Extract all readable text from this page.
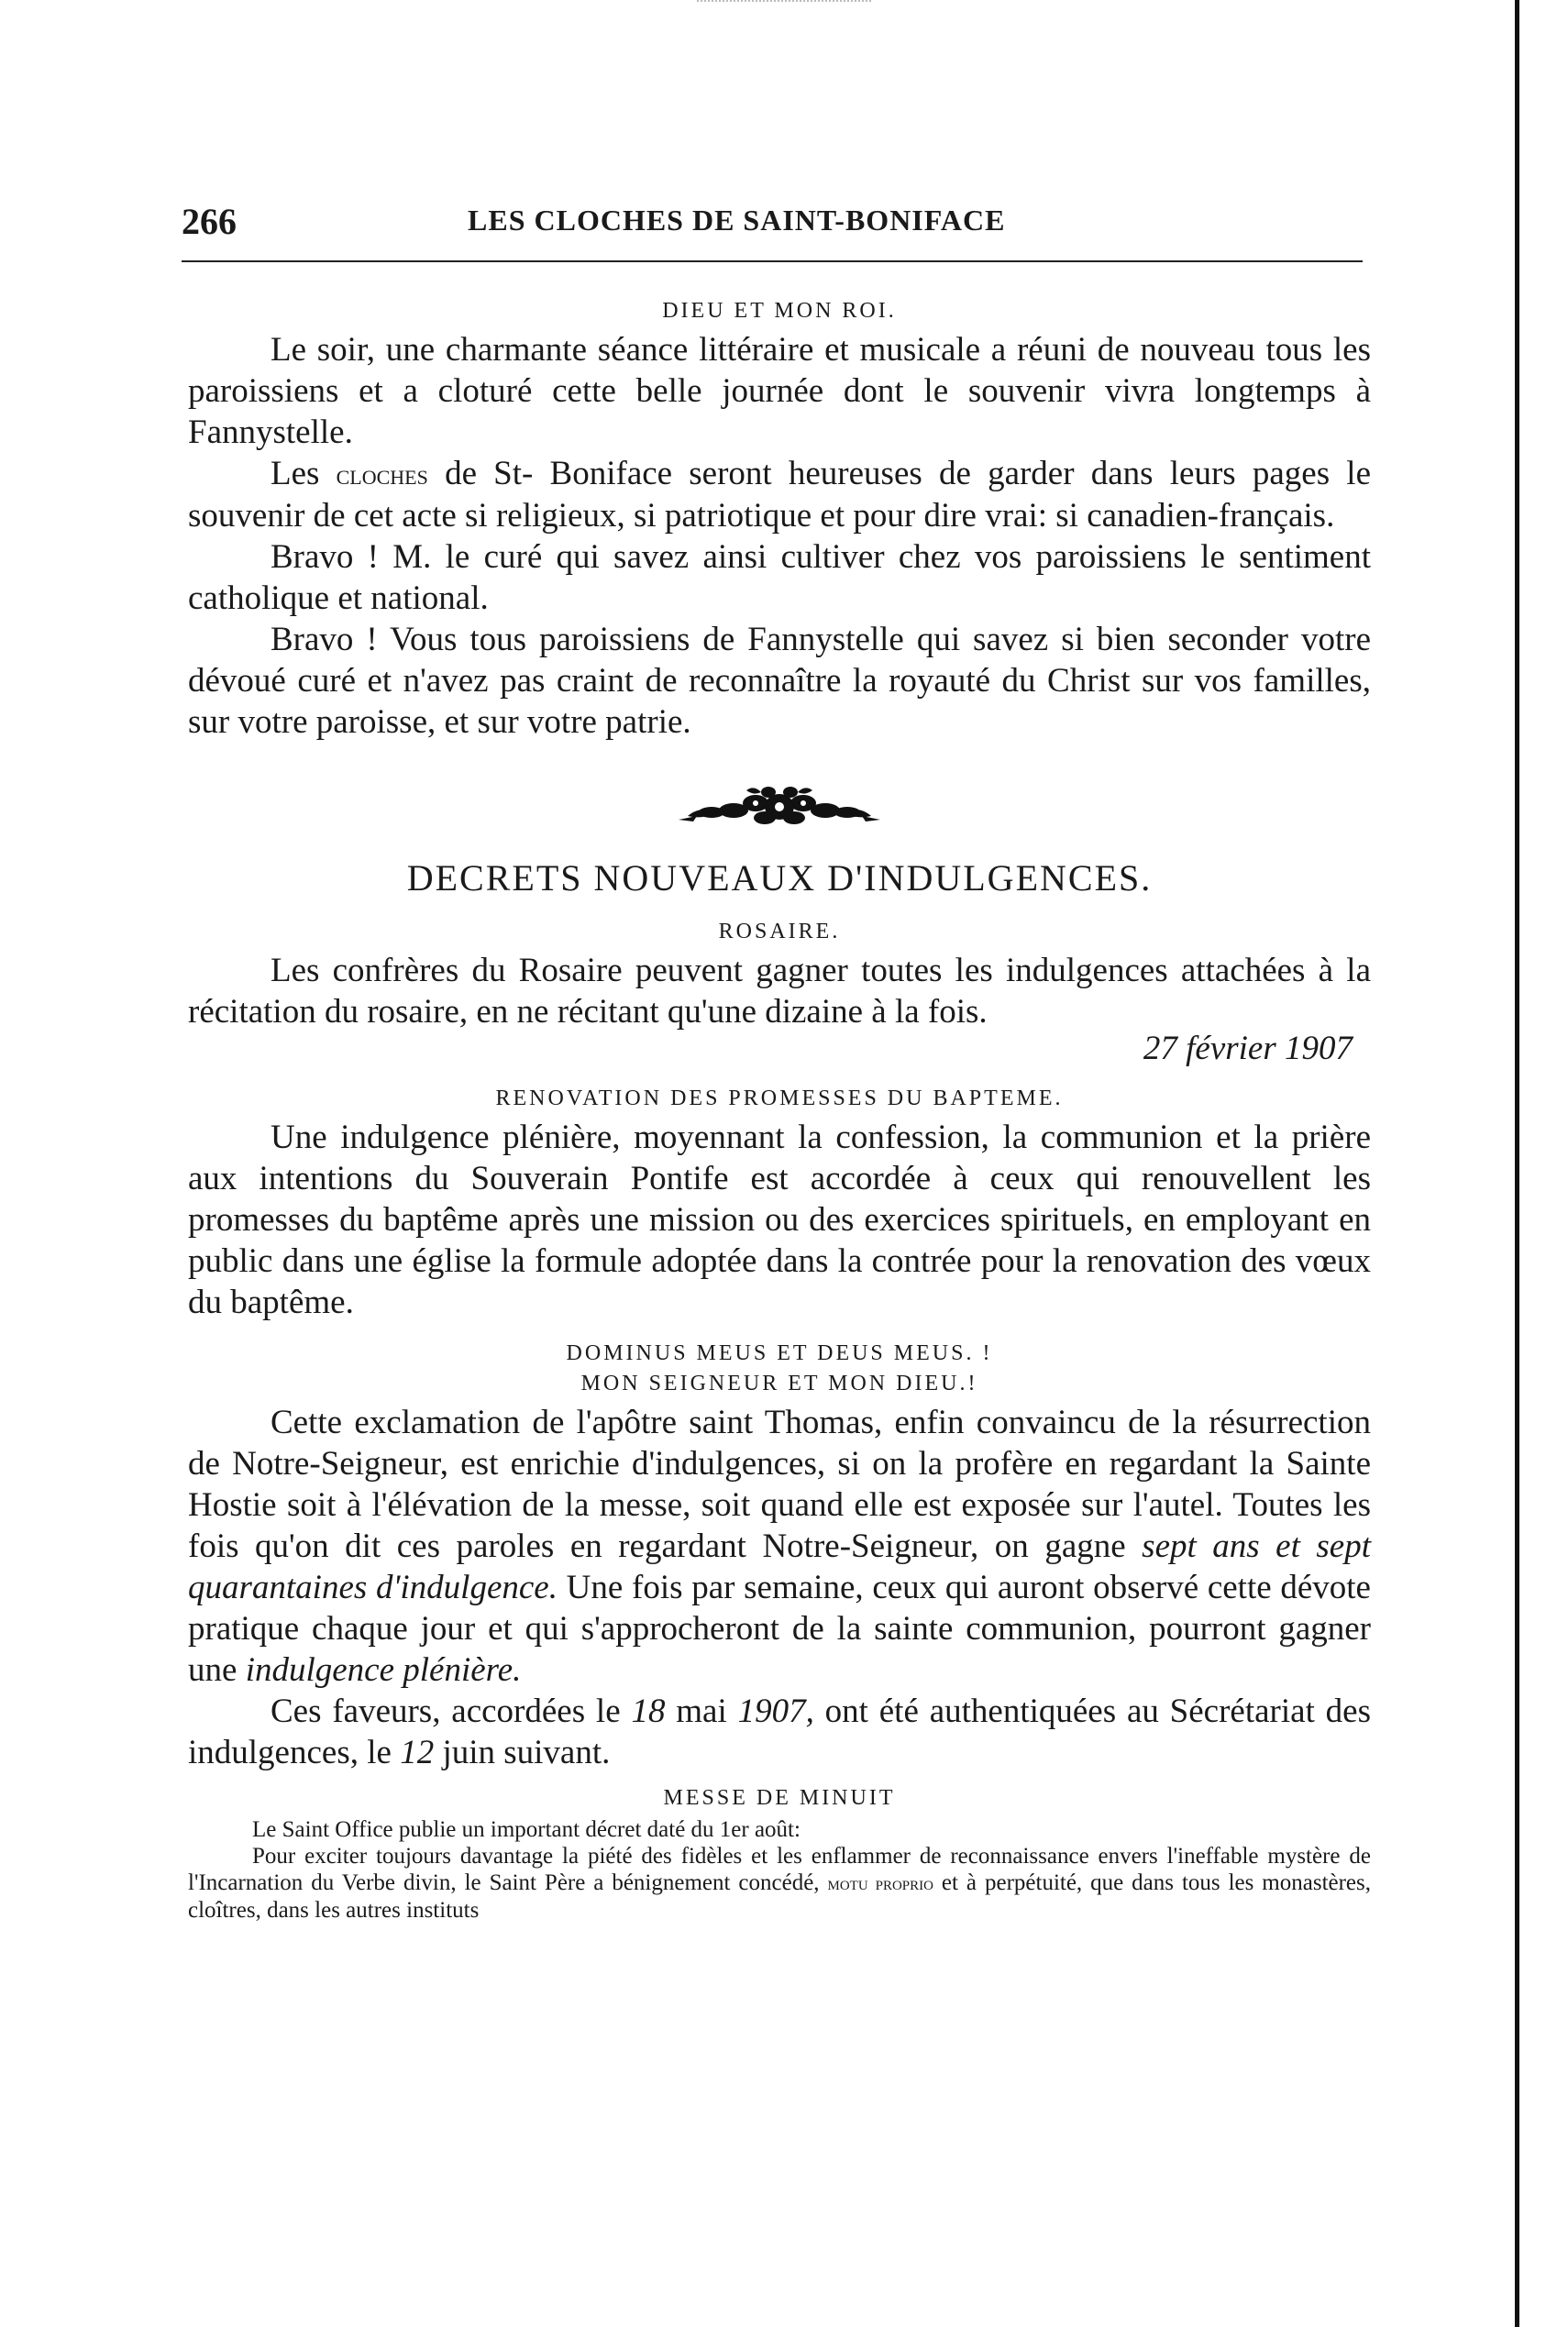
266	LES CLOCHES DE SAINT-BONIFACE

DIEU ET MON ROI.

Le soir, une charmante séance littéraire et musicale a réuni de nouveau tous les paroissiens et a cloturé cette belle journée dont le souvenir vivra longtemps à Fannystelle.

Les cloches de St- Boniface seront heureuses de garder dans leurs pages le souvenir de cet acte si religieux, si patriotique et pour dire vrai: si canadien-français.

Bravo ! M. le curé qui savez ainsi cultiver chez vos paroissiens le sentiment catholique et national.

Bravo ! Vous tous paroissiens de Fannystelle qui savez si bien seconder votre dévoué curé et n'avez pas craint de reconnaître la royauté du Christ sur vos familles, sur votre paroisse, et sur votre patrie.

DECRETS NOUVEAUX D'INDULGENCES.

ROSAIRE.

Les confrères du Rosaire peuvent gagner toutes les indulgences attachées à la récitation du rosaire, en ne récitant qu'une dizaine à la fois.

27 février 1907

RENOVATION DES PROMESSES DU BAPTEME.

Une indulgence plénière, moyennant la confession, la communion et la prière aux intentions du Souverain Pontife est accordée à ceux qui renouvellent les promesses du baptême après une mission ou des exercices spirituels, en employant en public dans une église la formule adoptée dans la contrée pour la renovation des vœux du baptême.

DOMINUS MEUS ET DEUS MEUS. !

MON SEIGNEUR ET MON DIEU.!

Cette exclamation de l'apôtre saint Thomas, enfin convaincu de la résurrection de Notre-Seigneur, est enrichie d'indulgences, si on la profère en regardant la Sainte Hostie soit à l'élévation de la messe, soit quand elle est exposée sur l'autel. Toutes les fois qu'on dit ces paroles en regardant Notre-Seigneur, on gagne sept ans et sept quarantaines d'indulgence. Une fois par semaine, ceux qui auront observé cette dévote pratique chaque jour et qui s'approcheront de la sainte communion, pourront gagner une indulgence plénière.

Ces faveurs, accordées le 18 mai 1907, ont été authentiquées au Sécrétariat des indulgences, le 12 juin suivant.

MESSE DE MINUIT

Le Saint Office publie un important décret daté du 1er août:

Pour exciter toujours davantage la piété des fidèles et les enflammer de reconnaissance envers l'ineffable mystère de l'Incarnation du Verbe divin, le Saint Père a bénignement concédé, motu proprio et à perpétuité, que dans tous les monastères, cloîtres, dans les autres instituts
